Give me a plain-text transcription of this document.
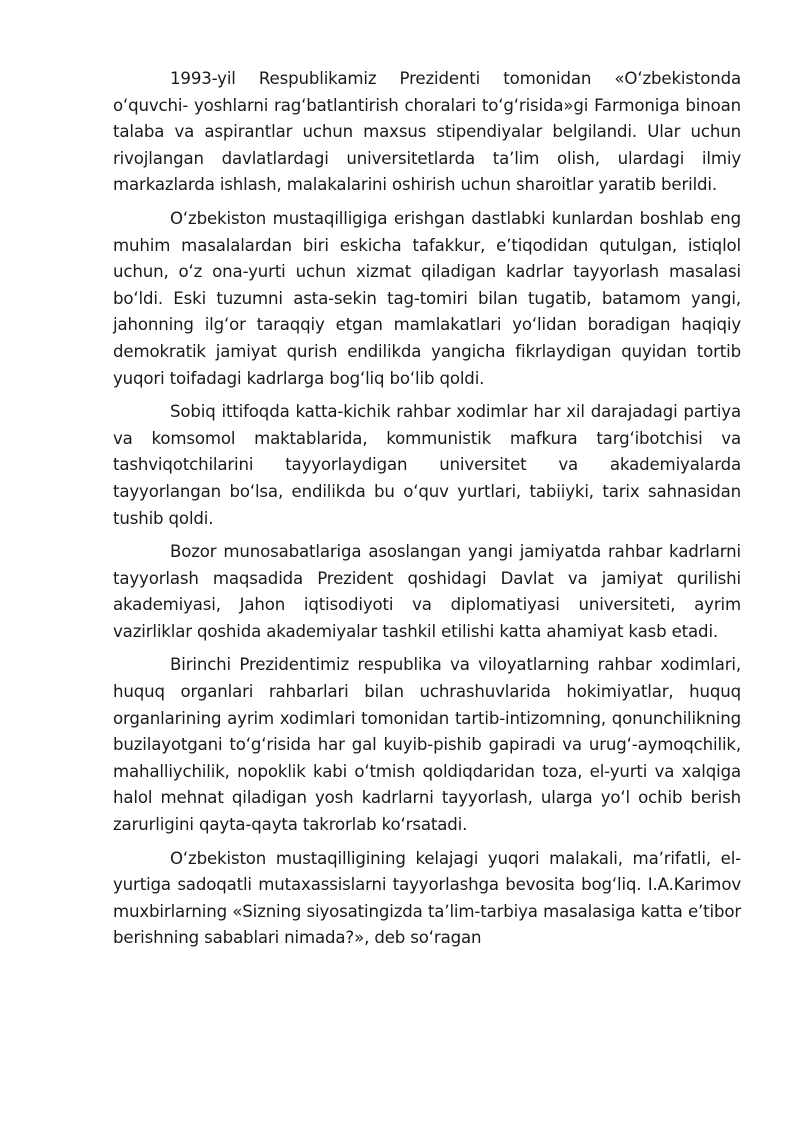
1993-yil Respublikamiz Prezidenti tomonidan «Oʻzbekistonda oʻquvchi- yoshlarni ragʻbatlantirish choralari toʻgʻrisida»gi Farmoniga binoan talaba va aspirantlar uchun maxsus stipendiyalar belgilandi. Ular uchun rivojlangan davlatlardagi universitetlarda taʼlim olish, ulardagi ilmiy markazlarda ishlash, malakalarini oshirish uchun sharoitlar yaratib berildi.

Oʻzbekiston mustaqilligiga erishgan dastlabki kunlardan boshlab eng muhim masalalardan biri eskicha tafakkur, eʼtiqodidan qutulgan, istiqlol uchun, oʻz ona-yurti uchun xizmat qiladigan kadrlar tayyorlash masalasi boʻldi. Eski tuzumni asta-sekin tag-tomiri bilan tugatib, batamom yangi, jahonning ilgʻor taraqqiy etgan mamlakatlari yoʻlidan boradigan haqiqiy demokratik jamiyat qurish endilikda yangicha fikrlaydigan quyidan tortib yuqori toifadagi kadrlarga bogʻliq boʻlib qoldi.

Sobiq ittifoqda katta-kichik rahbar xodimlar har xil darajadagi partiya va komsomol maktablarida, kommunistik mafkura targʻibotchisi va tashviqotchilarini tayyorlaydigan universitet va akademiyalarda tayyorlangan boʻlsa, endilikda bu oʻquv yurtlari, tabiiyki, tarix sahnasidan tushib qoldi.

Bozor munosabatlariga asoslangan yangi jamiyatda rahbar kadrlarni tayyorlash maqsadida Prezident qoshidagi Davlat va jamiyat qurilishi akademiyasi, Jahon iqtisodiyoti va diplomatiyasi universiteti, ayrim vazirliklar qoshida akademiyalar tashkil etilishi katta ahamiyat kasb etadi.

Birinchi Prezidentimiz respublika va viloyatlarning rahbar xodimlari, huquq organlari rahbarlari bilan uchrashuvlarida hokimiyatlar, huquq organlarining ayrim xodimlari tomonidan tartib-intizomning, qonunchilikning buzilayotgani toʻgʻrisida har gal kuyib-pishib gapiradi va urugʻ-aymoqchilik, mahalliychilik, nopoklik kabi oʻtmish qoldiqdaridan toza, el-yurti va xalqiga halol mehnat qiladigan yosh kadrlarni tayyorlash, ularga yoʻl ochib berish zarurligini qayta-qayta takrorlab koʻrsatadi.

Oʻzbekiston mustaqilligining kelajagi yuqori malakali, maʼrifatli, el- yurtiga sadoqatli mutaxassislarni tayyorlashga bevosita bogʻliq. I.A.Karimov muxbirlarning «Sizning siyosatingizda taʼlim-tarbiya masalasiga katta eʼtibor berishning sabablari nimada?», deb soʻragan
